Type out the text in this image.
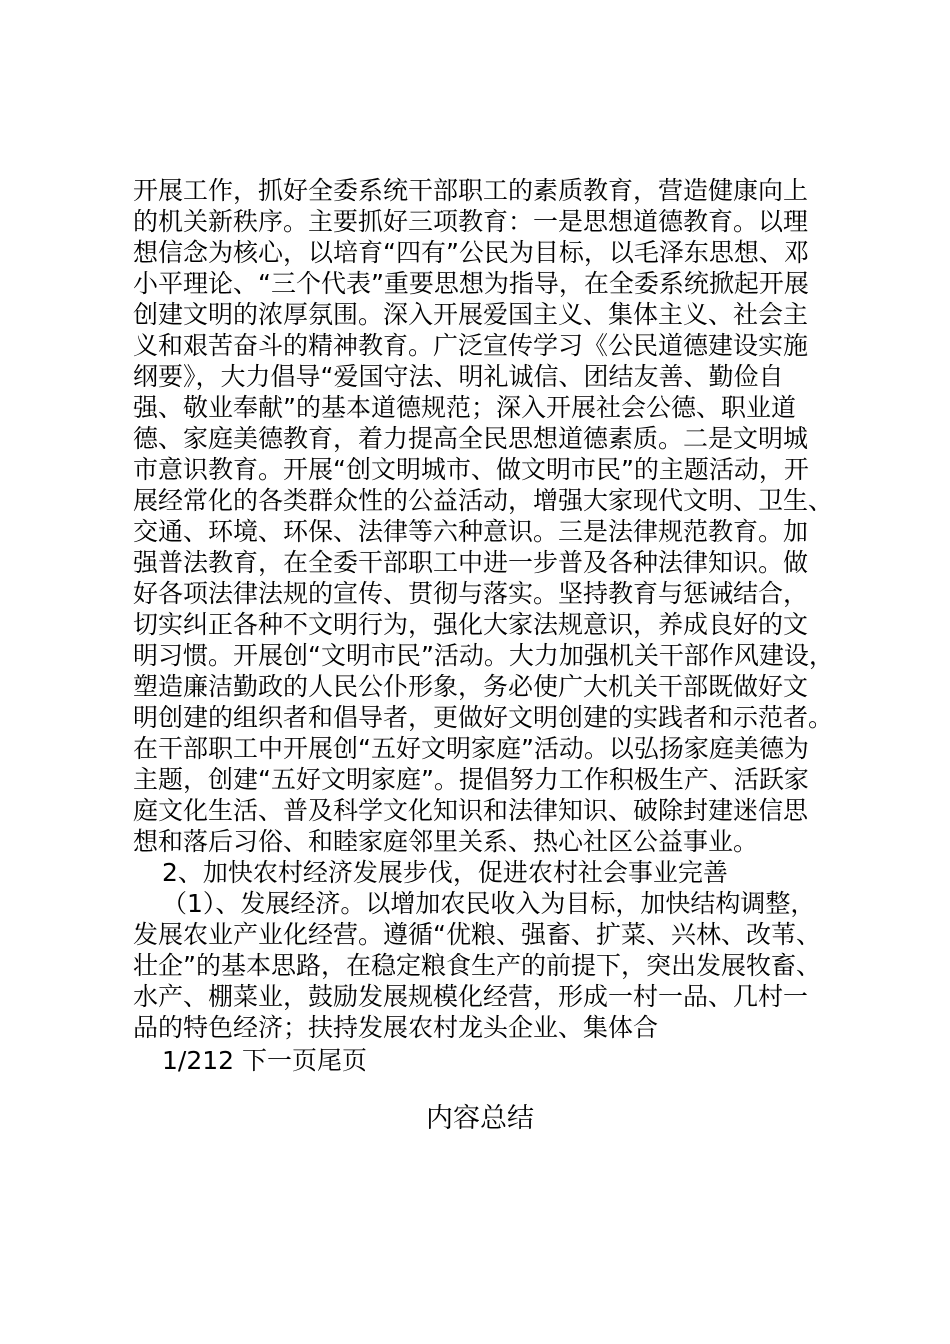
开展工作，抓好全委系统干部职工的素质教育，营造健康向上
的机关新秩序。主要抓好三项教育：一是思想道德教育。以理
想信念为核心，以培育“四有”公民为目标，以毛泽东思想、邓
小平理论、“三个代表”重要思想为指导，在全委系统掀起开展
创建文明的浓厚氛围。深入开展爱国主义、集体主义、社会主
义和艰苦奋斗的精神教育。广泛宣传学习《公民道德建设实施
纲要》，大力倡导“爱国守法、明礼诚信、团结友善、勤俭自
强、敬业奉献”的基本道德规范；深入开展社会公德、职业道
德、家庭美德教育，着力提高全民思想道德素质。二是文明城
市意识教育。开展“创文明城市、做文明市民”的主题活动，开
展经常化的各类群众性的公益活动，增强大家现代文明、卫生、
交通、环境、环保、法律等六种意识。三是法律规范教育。加
强普法教育，在全委干部职工中进一步普及各种法律知识。做
好各项法律法规的宣传、贯彻与落实。坚持教育与惩诫结合，
切实纠正各种不文明行为，强化大家法规意识，养成良好的文
明习惯。开展创“文明市民”活动。大力加强机关干部作风建设，
塑造廉洁勤政的人民公仆形象，务必使广大机关干部既做好文
明创建的组织者和倡导者，更做好文明创建的实践者和示范者。
在干部职工中开展创“五好文明家庭”活动。以弘扬家庭美德为
主题，创建“五好文明家庭”。提倡努力工作积极生产、活跃家
庭文化生活、普及科学文化知识和法律知识、破除封建迷信思
想和落后习俗、和睦家庭邻里关系、热心社区公益事业。
2、加快农村经济发展步伐，促进农村社会事业完善
（1）、发展经济。以增加农民收入为目标，加快结构调整，
发展农业产业化经营。遵循“优粮、强畜、扩菜、兴林、改苇、
壮企”的基本思路，在稳定粮食生产的前提下，突出发展牧畜、
水产、棚菜业，鼓励发展规模化经营，形成一村一品、几村一
品的特色经济；扶持发展农村龙头企业、集体合
1/212 下一页尾页
内容总结
